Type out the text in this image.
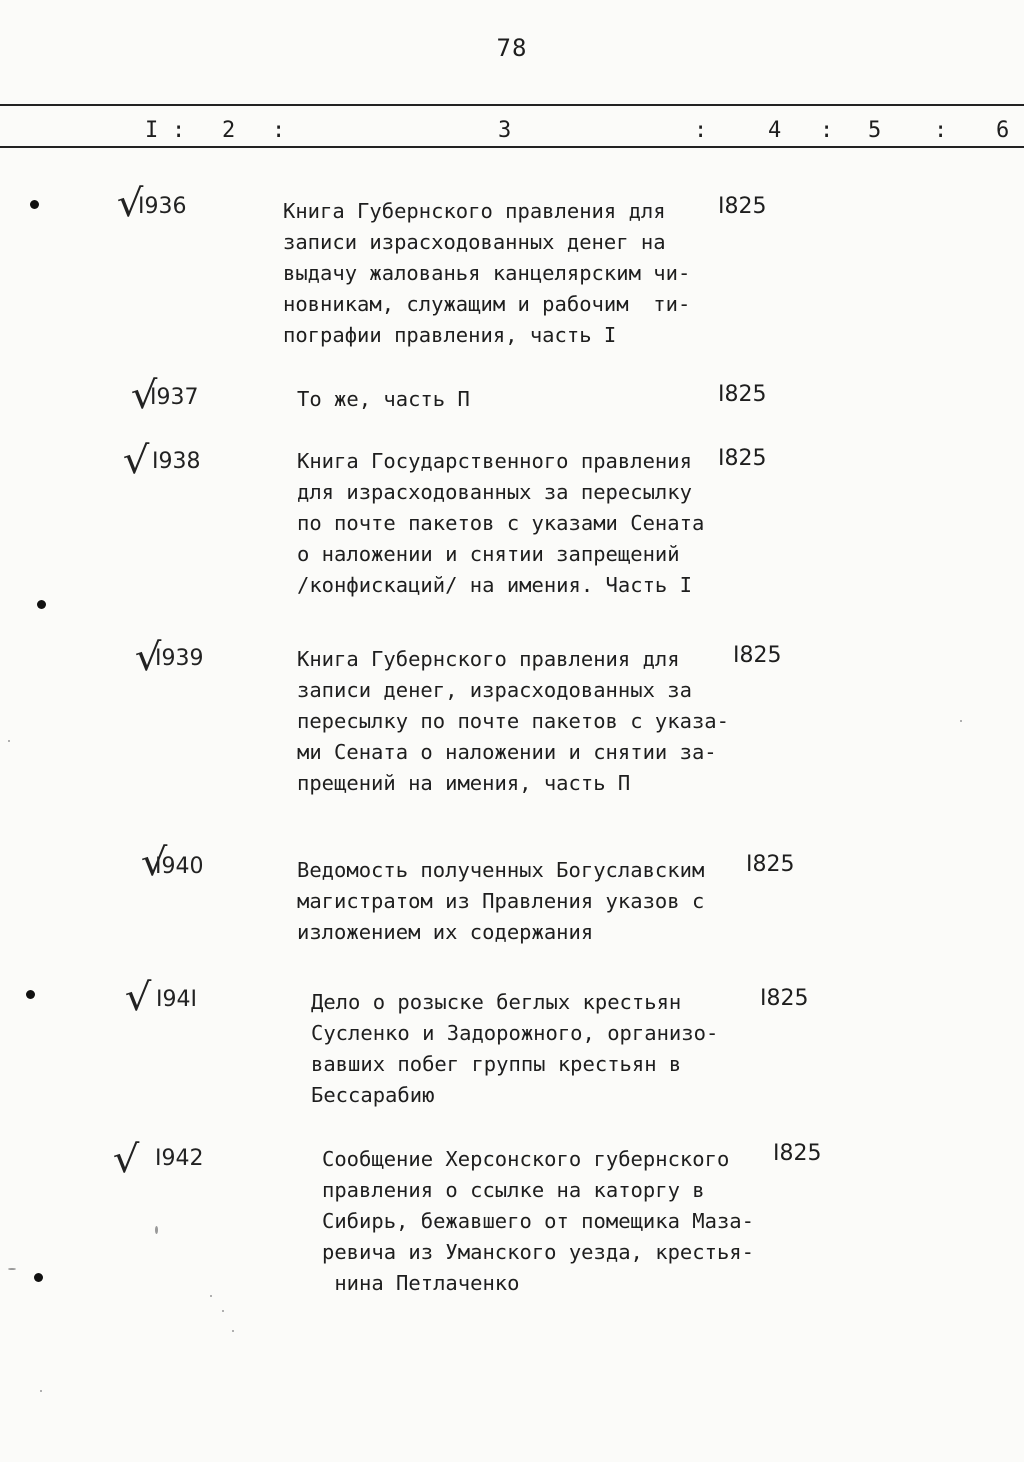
78
I : 2 :	3	:	4 : 5 : 6
√
I936	Книга Губернского правления для
записи израсходованных денег на
выдачу жалованья канцелярским чи-
новникам, служащим и рабочим  ти-
пографии правления, часть I
I825
√
I937	То же, часть П	I825
√ I938	Книга Государственного правления
для израсходованных за пересылку
по почте пакетов с указами Сената
о наложении и снятии запрещений
/конфискаций/ на имения. Часть I
I825
√
I939	Книга Губернского правления для
записи денег, израсходованных за
пересылку по почте пакетов с указа-
ми Сената о наложении и снятии за-
прещений на имения, часть П
I825
√
I940	Ведомость полученных Богуславским
магистратом из Правления указов с
изложением их содержания
I825
√ I94I	Дело о розыске беглых крестьян
Сусленко и Задорожного, организо-
вавших побег группы крестьян в
Бессарабию
I825
√ I942	Сообщение Херсонского губернского
правления о ссылке на каторгу в
Сибирь, бежавшего от помещика Маза-
ревича из Уманского уезда, крестья-
нина Петлаченко
I825
